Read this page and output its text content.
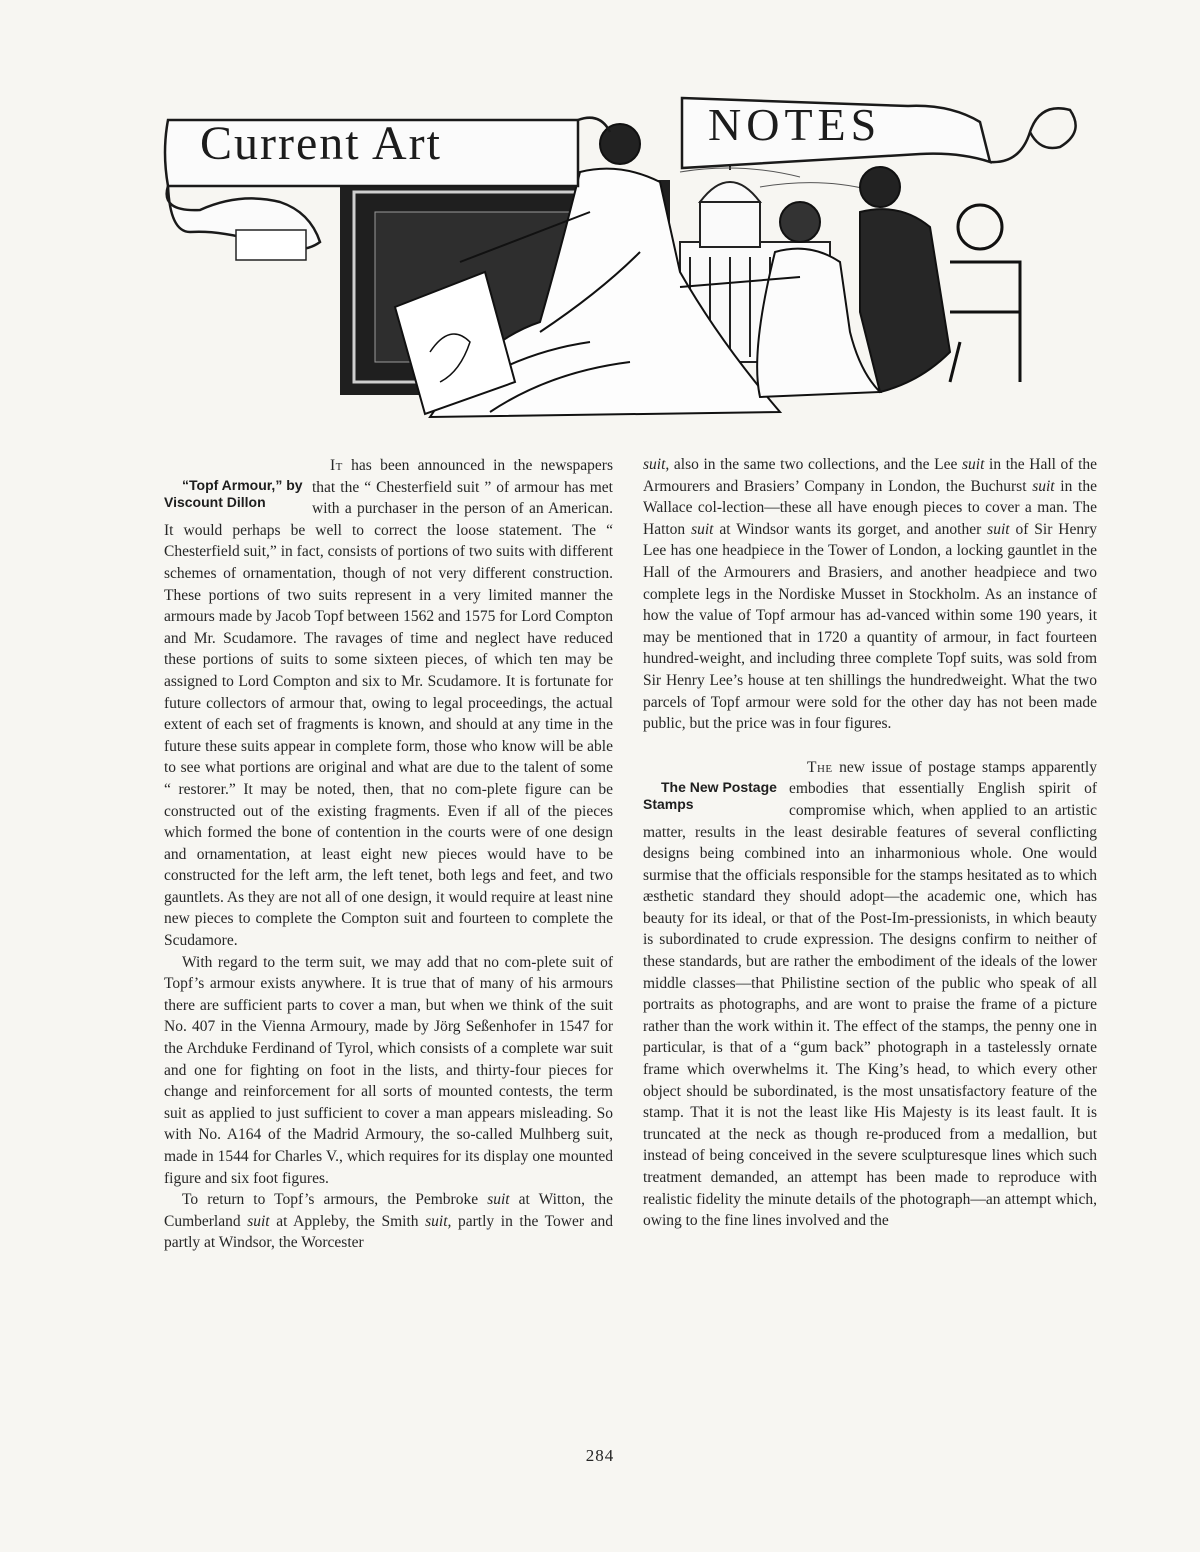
Current Art	NOTES

It
“Topf Armour,” by Viscount Dillon
has been announced in the newspapers that the “ Chesterfield suit ” of armour has met with a purchaser in the person of an American. It would perhaps be well to correct the loose statement. The “ Chesterfield suit,” in fact, consists of portions of two suits with different schemes of ornamentation, though of not very different construction. These portions of two suits represent in a very limited manner the armours made by Jacob Topf between 1562 and 1575 for Lord Compton and Mr. Scudamore. The ravages of time and neglect have reduced these portions of suits to some sixteen pieces, of which ten may be assigned to Lord Compton and six to Mr. Scudamore. It is fortunate for future collectors of armour that, owing to legal proceedings, the actual extent of each set of fragments is known, and should at any time in the future these suits appear in complete form, those who know will be able to see what portions are original and what are due to the talent of some “ restorer.” It may be noted, then, that no com-plete figure can be constructed out of the existing fragments. Even if all of the pieces which formed the bone of contention in the courts were of one design and ornamentation, at least eight new pieces would have to be constructed for the left arm, the left tenet, both legs and feet, and two gauntlets. As they are not all of one design, it would require at least nine new pieces to complete the Compton suit and fourteen to complete the Scudamore.

With regard to the term suit, we may add that no com-plete suit of Topf’s armour exists anywhere. It is true that of many of his armours there are sufficient parts to cover a man, but when we think of the suit No. 407 in the Vienna Armoury, made by Jörg Seßenhofer in 1547 for the Archduke Ferdinand of Tyrol, which consists of a complete war suit and one for fighting on foot in the lists, and thirty-four pieces for change and reinforcement for all sorts of mounted contests, the term suit as applied to just sufficient to cover a man appears misleading. So with No. A164 of the Madrid Armoury, the so-called Mulhberg suit, made in 1544 for Charles V., which requires for its display one mounted figure and six foot figures.

To return to Topf’s armours, the Pembroke suit at Witton, the Cumberland suit at Appleby, the Smith suit, partly in the Tower and partly at Windsor, the Worcester

suit, also in the same two collections, and the Lee suit in the Hall of the Armourers and Brasiers’ Company in London, the Buchurst suit in the Wallace col-lection—these all have enough pieces to cover a man. The Hatton suit at Windsor wants its gorget, and another suit of Sir Henry Lee has one headpiece in the Tower of London, a locking gauntlet in the Hall of the Armourers and Brasiers, and another headpiece and two complete legs in the Nordiske Musset in Stockholm. As an instance of how the value of Topf armour has ad-vanced within some 190 years, it may be mentioned that in 1720 a quantity of armour, in fact fourteen hundred-weight, and including three complete Topf suits, was sold from Sir Henry Lee’s house at ten shillings the hundredweight. What the two parcels of Topf armour were sold for the other day has not been made public, but the price was in four figures.

The
The New Postage Stamps
new issue of postage stamps apparently embodies that essentially English spirit of compromise which, when applied to an artistic matter, results in the least desirable features of several conflicting designs being combined into an inharmonious whole. One would surmise that the officials responsible for the stamps hesitated as to which æsthetic standard they should adopt—the academic one, which has beauty for its ideal, or that of the Post-Im-pressionists, in which beauty is subordinated to crude expression. The designs confirm to neither of these standards, but are rather the embodiment of the ideals of the lower middle classes—that Philistine section of the public who speak of all portraits as photographs, and are wont to praise the frame of a picture rather than the work within it. The effect of the stamps, the penny one in particular, is that of a “gum back” photograph in a tastelessly ornate frame which overwhelms it. The King’s head, to which every other object should be subordinated, is the most unsatisfactory feature of the stamp. That it is not the least like His Majesty is its least fault. It is truncated at the neck as though re-produced from a medallion, but instead of being conceived in the severe sculpturesque lines which such treatment demanded, an attempt has been made to reproduce with realistic fidelity the minute details of the photograph—an attempt which, owing to the fine lines involved and the

284
